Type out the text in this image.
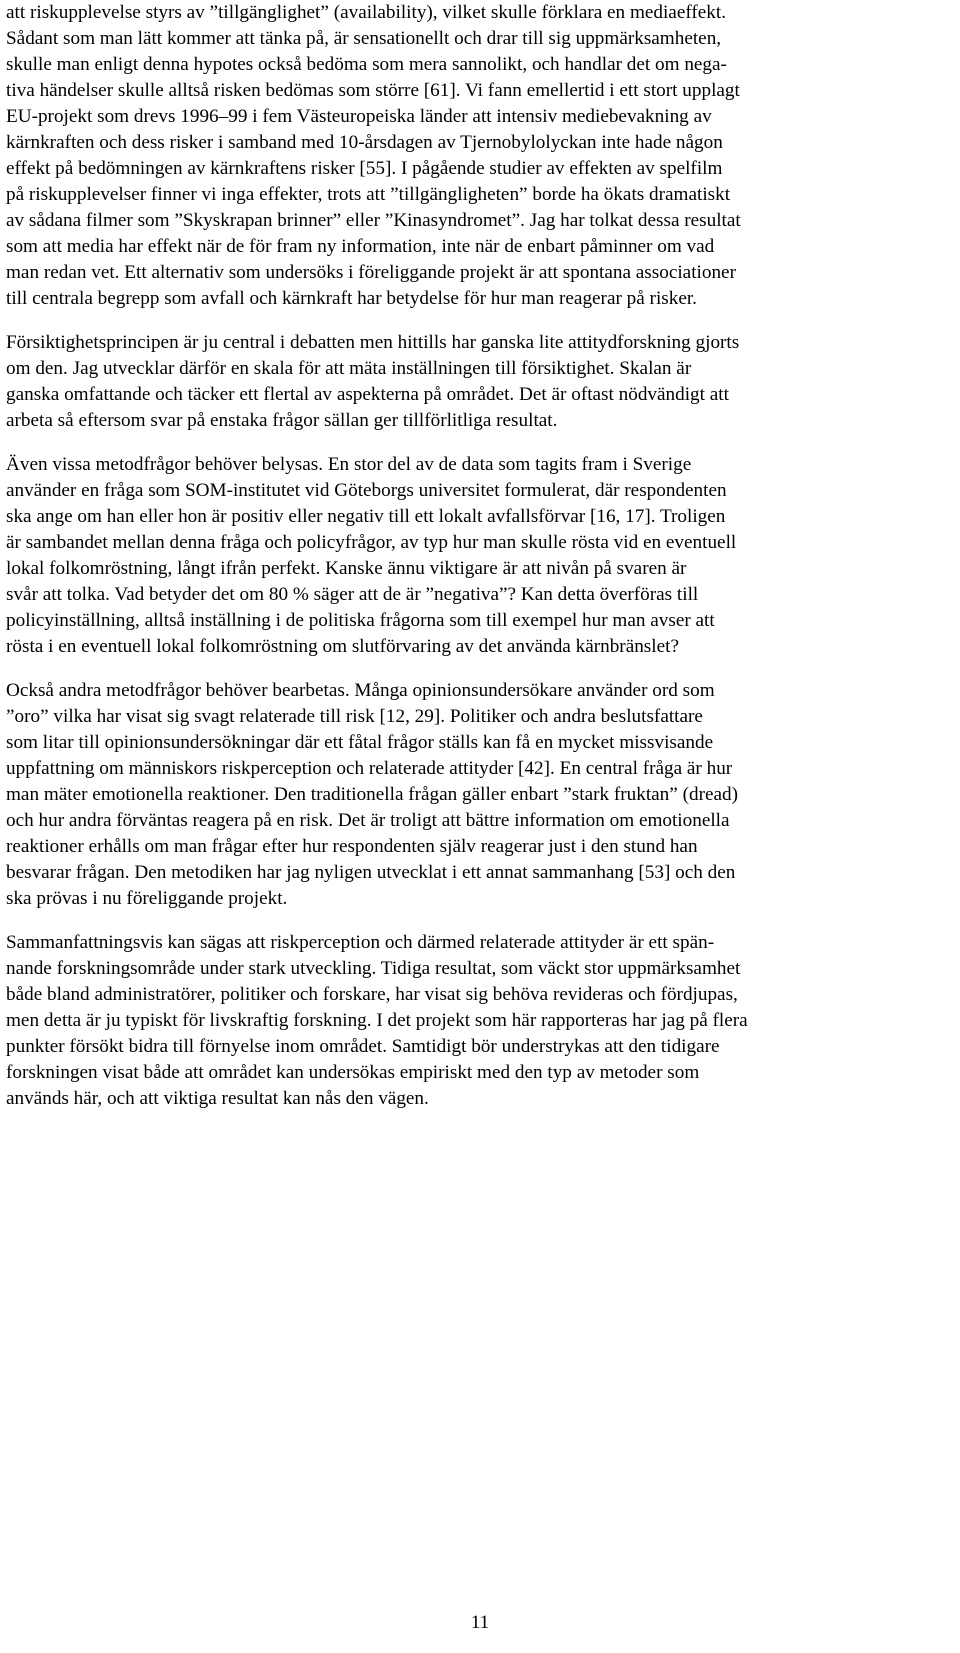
att riskupplevelse styrs av ”tillgänglighet” (availability), vilket skulle förklara en mediaeffekt.
Sådant som man lätt kommer att tänka på, är sensationellt och drar till sig uppmärksamheten,
skulle man enligt denna hypotes också bedöma som mera sannolikt, och handlar det om nega-
tiva händelser skulle alltså risken bedömas som större [61]. Vi fann emellertid i ett stort upplagt
EU-projekt som drevs 1996–99 i fem Västeuropeiska länder att intensiv mediebevakning av
kärnkraften och dess risker i samband med 10-årsdagen av Tjernobylolyckan inte hade någon
effekt på bedömningen av kärnkraftens risker [55]. I pågående studier av effekten av spelfilm
på riskupplevelser finner vi inga effekter, trots att ”tillgängligheten” borde ha ökats dramatiskt
av sådana filmer som ”Skyskrapan brinner” eller ”Kinasyndromet”. Jag har tolkat dessa resultat
som att media har effekt när de för fram ny information, inte när de enbart påminner om vad
man redan vet. Ett alternativ som undersöks i föreliggande projekt är att spontana associationer
till centrala begrepp som avfall och kärnkraft har betydelse för hur man reagerar på risker.

Försiktighetsprincipen är ju central i debatten men hittills har ganska lite attitydforskning gjorts
om den. Jag utvecklar därför en skala för att mäta inställningen till försiktighet. Skalan är
ganska omfattande och täcker ett flertal av aspekterna på området. Det är oftast nödvändigt att
arbeta så eftersom svar på enstaka frågor sällan ger tillförlitliga resultat.

Även vissa metodfrågor behöver belysas. En stor del av de data som tagits fram i Sverige
använder en fråga som SOM-institutet vid Göteborgs universitet formulerat, där respondenten
ska ange om han eller hon är positiv eller negativ till ett lokalt avfallsförvar [16, 17]. Troligen
är sambandet mellan denna fråga och policyfrågor, av typ hur man skulle rösta vid en eventuell
lokal folkomröstning, långt ifrån perfekt. Kanske ännu viktigare är att nivån på svaren är
svår att tolka. Vad betyder det om 80 % säger att de är ”negativa”? Kan detta överföras till
policyinställning, alltså inställning i de politiska frågorna som till exempel hur man avser att
rösta i en eventuell lokal folkomröstning om slutförvaring av det använda kärnbränslet?

Också andra metodfrågor behöver bearbetas. Många opinionsundersökare använder ord som
”oro” vilka har visat sig svagt relaterade till risk [12, 29]. Politiker och andra beslutsfattare
som litar till opinionsundersökningar där ett fåtal frågor ställs kan få en mycket missvisande
uppfattning om människors riskperception och relaterade attityder [42]. En central fråga är hur
man mäter emotionella reaktioner. Den traditionella frågan gäller enbart ”stark fruktan” (dread)
och hur andra förväntas reagera på en risk. Det är troligt att bättre information om emotionella
reaktioner erhålls om man frågar efter hur respondenten själv reagerar just i den stund han
besvarar frågan. Den metodiken har jag nyligen utvecklat i ett annat sammanhang [53] och den
ska prövas i nu föreliggande projekt.

Sammanfattningsvis kan sägas att riskperception och därmed relaterade attityder är ett spän-
nande forskningsområde under stark utveckling. Tidiga resultat, som väckt stor uppmärksamhet
både bland administratörer, politiker och forskare, har visat sig behöva revideras och fördjupas,
men detta är ju typiskt för livskraftig forskning. I det projekt som här rapporteras har jag på flera
punkter försökt bidra till förnyelse inom området. Samtidigt bör understrykas att den tidigare
forskningen visat både att området kan undersökas empiriskt med den typ av metoder som
används här, och att viktiga resultat kan nås den vägen.

11
